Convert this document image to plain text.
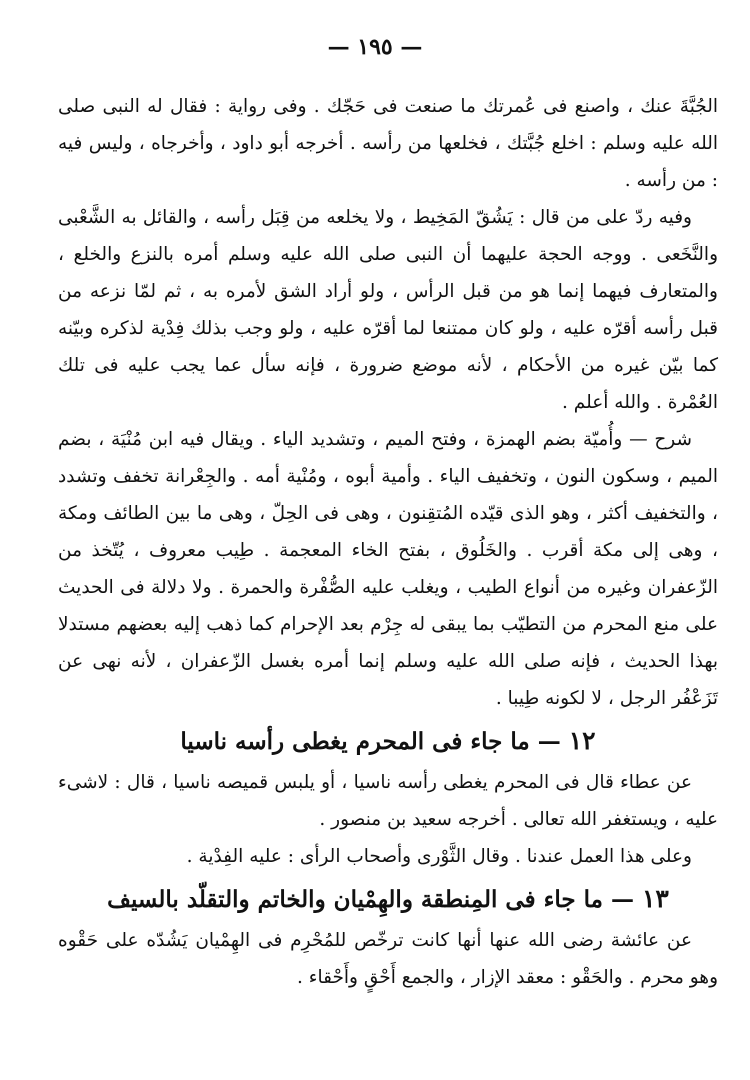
— ١٩٥ —

الجُبَّةَ عنك ، واصنع فى عُمرتك ما صنعت فى حَجّك . وفى رواية : فقال له النبى صلى الله عليه وسلم : اخلع جُبَّتك ، فخلعها من رأسه . أخرجه أبو داود ، وأخرجاه ، وليس فيه : من رأسه .

وفيه ردّ على من قال : يَشُقّ المَخِيط ، ولا يخلعه من قِبَل رأسه ، والقائل به الشَّعْبى والنَّخَعى . ووجه الحجة عليهما أن النبى صلى الله عليه وسلم أمره بالنزع والخلع ، والمتعارف فيهما إنما هو من قبل الرأس ، ولو أراد الشق لأمره به ، ثم لمّا نزعه من قبل رأسه أقرّه عليه ، ولو كان ممتنعا لما أقرّه عليه ، ولو وجب بذلك فِدْية لذكره وبيّنه كما بيّن غيره من الأحكام ، لأنه موضع ضرورة ، فإنه سأل عما يجب عليه فى تلك العُمْرة . والله أعلم .

شرح — وأُميّة بضم الهمزة ، وفتح الميم ، وتشديد الياء . ويقال فيه ابن مُنْيَة ، بضم الميم ، وسكون النون ، وتخفيف الياء . وأمية أبوه ، ومُنْية أمه . والجِعْرانة تخفف وتشدد ، والتخفيف أكثر ، وهو الذى قيّده المُتقِنون ، وهى فى الحِلّ ، وهى ما بين الطائف ومكة ، وهى إلى مكة أقرب . والخَلُوق ، بفتح الخاء المعجمة . طِيب معروف ، يُتّخذ من الزّعفران وغيره من أنواع الطيب ، ويغلب عليه الصُّفْرة والحمرة . ولا دلالة فى الحديث على منع المحرم من التطيّب بما يبقى له جِرْم بعد الإحرام كما ذهب إليه بعضهم مستدلا بهذا الحديث ، فإنه صلى الله عليه وسلم إنما أمره بغسل الزّعفران ، لأنه نهى عن تَزَعْفُر الرجل ، لا لكونه طِيبا .

١٢ — ما جاء فى المحرم يغطى رأسه ناسيا

عن عطاء قال فى المحرم يغطى رأسه ناسيا ، أو يلبس قميصه ناسيا ، قال : لاشىء عليه ، ويستغفر الله تعالى . أخرجه سعيد بن منصور .

وعلى هذا العمل عندنا . وقال الثَّوْرى وأصحاب الرأى : عليه الفِدْية .

١٣ — ما جاء فى المِنطقة والهِمْيان والخاتم والتقلّد بالسيف

عن عائشة رضى الله عنها أنها كانت ترخّص للمُحْرِم فى الهِمْيان يَشُدّه على حَقْوه وهو محرم . والحَقْو : معقد الإزار ، والجمع أَحْقٍ وأَحْقاء .
